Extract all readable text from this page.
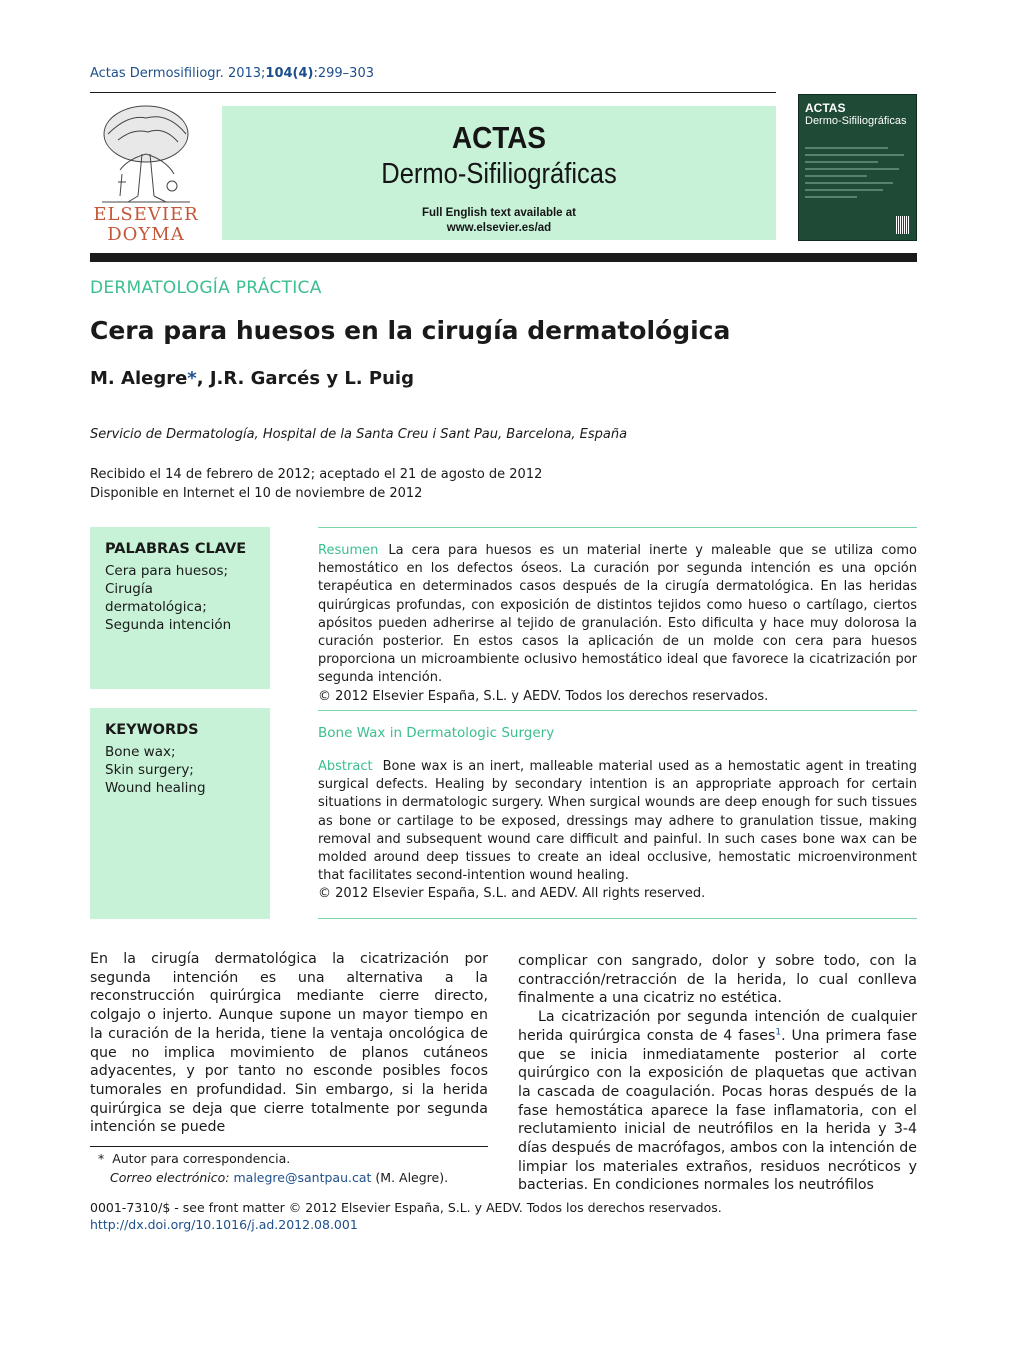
Actas Dermosifiliogr. 2013;104(4):299–303
ELSEVIER
DOYMA
ACTAS
Dermo-Sifiliográficas
Full English text available at
www.elsevier.es/ad
ACTAS
Dermo-Sifiliográficas
DERMATOLOGÍA PRÁCTICA
Cera para huesos en la cirugía dermatológica
M. Alegre*, J.R. Garcés y L. Puig
Servicio de Dermatología, Hospital de la Santa Creu i Sant Pau, Barcelona, España
Recibido el 14 de febrero de 2012; aceptado el 21 de agosto de 2012
Disponible en Internet el 10 de noviembre de 2012
PALABRAS CLAVE
Cera para huesos;
Cirugía
dermatológica;
Segunda intención
KEYWORDS
Bone wax;
Skin surgery;
Wound healing

Resumen La cera para huesos es un material inerte y maleable que se utiliza como hemostático en los defectos óseos. La curación por segunda intención es una opción terapéutica en determinados casos después de la cirugía dermatológica. En las heridas quirúrgicas profundas, con exposición de distintos tejidos como hueso o cartílago, ciertos apósitos pueden adherirse al tejido de granulación. Esto dificulta y hace muy dolorosa la curación posterior. En estos casos la aplicación de un molde con cera para huesos proporciona un microambiente oclusivo hemostático ideal que favorece la cicatrización por segunda intención.

© 2012 Elsevier España, S.L. y AEDV. Todos los derechos reservados.

Bone Wax in Dermatologic Surgery

Abstract Bone wax is an inert, malleable material used as a hemostatic agent in treating surgical defects. Healing by secondary intention is an appropriate approach for certain situations in dermatologic surgery. When surgical wounds are deep enough for such tissues as bone or cartilage to be exposed, dressings may adhere to granulation tissue, making removal and subsequent wound care difficult and painful. In such cases bone wax can be molded around deep tissues to create an ideal occlusive, hemostatic microenvironment that facilitates second-intention wound healing.

© 2012 Elsevier España, S.L. and AEDV. All rights reserved.

En la cirugía dermatológica la cicatrización por segunda intención es una alternativa a la reconstrucción quirúrgica mediante cierre directo, colgajo o injerto. Aunque supone un mayor tiempo en la curación de la herida, tiene la ventaja oncológica de que no implica movimiento de planos cutáneos adyacentes, y por tanto no esconde posibles focos tumorales en profundidad. Sin embargo, si la herida quirúrgica se deja que cierre totalmente por segunda intención se puede

complicar con sangrado, dolor y sobre todo, con la contracción/retracción de la herida, lo cual conlleva finalmente a una cicatriz no estética.

La cicatrización por segunda intención de cualquier herida quirúrgica consta de 4 fases$^1$. Una primera fase que se inicia inmediatamente posterior al corte quirúrgico con la exposición de plaquetas que activan la cascada de coagulación. Pocas horas después de la fase hemostática aparece la fase inflamatoria, con el reclutamiento inicial de neutrófilos en la herida y 3-4 días después de macrófagos, ambos con la intención de limpiar los materiales extraños, residuos necróticos y bacterias. En condiciones normales los neutrófilos

* Autor para correspondencia.
Correo electrónico: malegre@santpau.cat (M. Alegre).
0001-7310/$ - see front matter © 2012 Elsevier España, S.L. y AEDV. Todos los derechos reservados.
http://dx.doi.org/10.1016/j.ad.2012.08.001
